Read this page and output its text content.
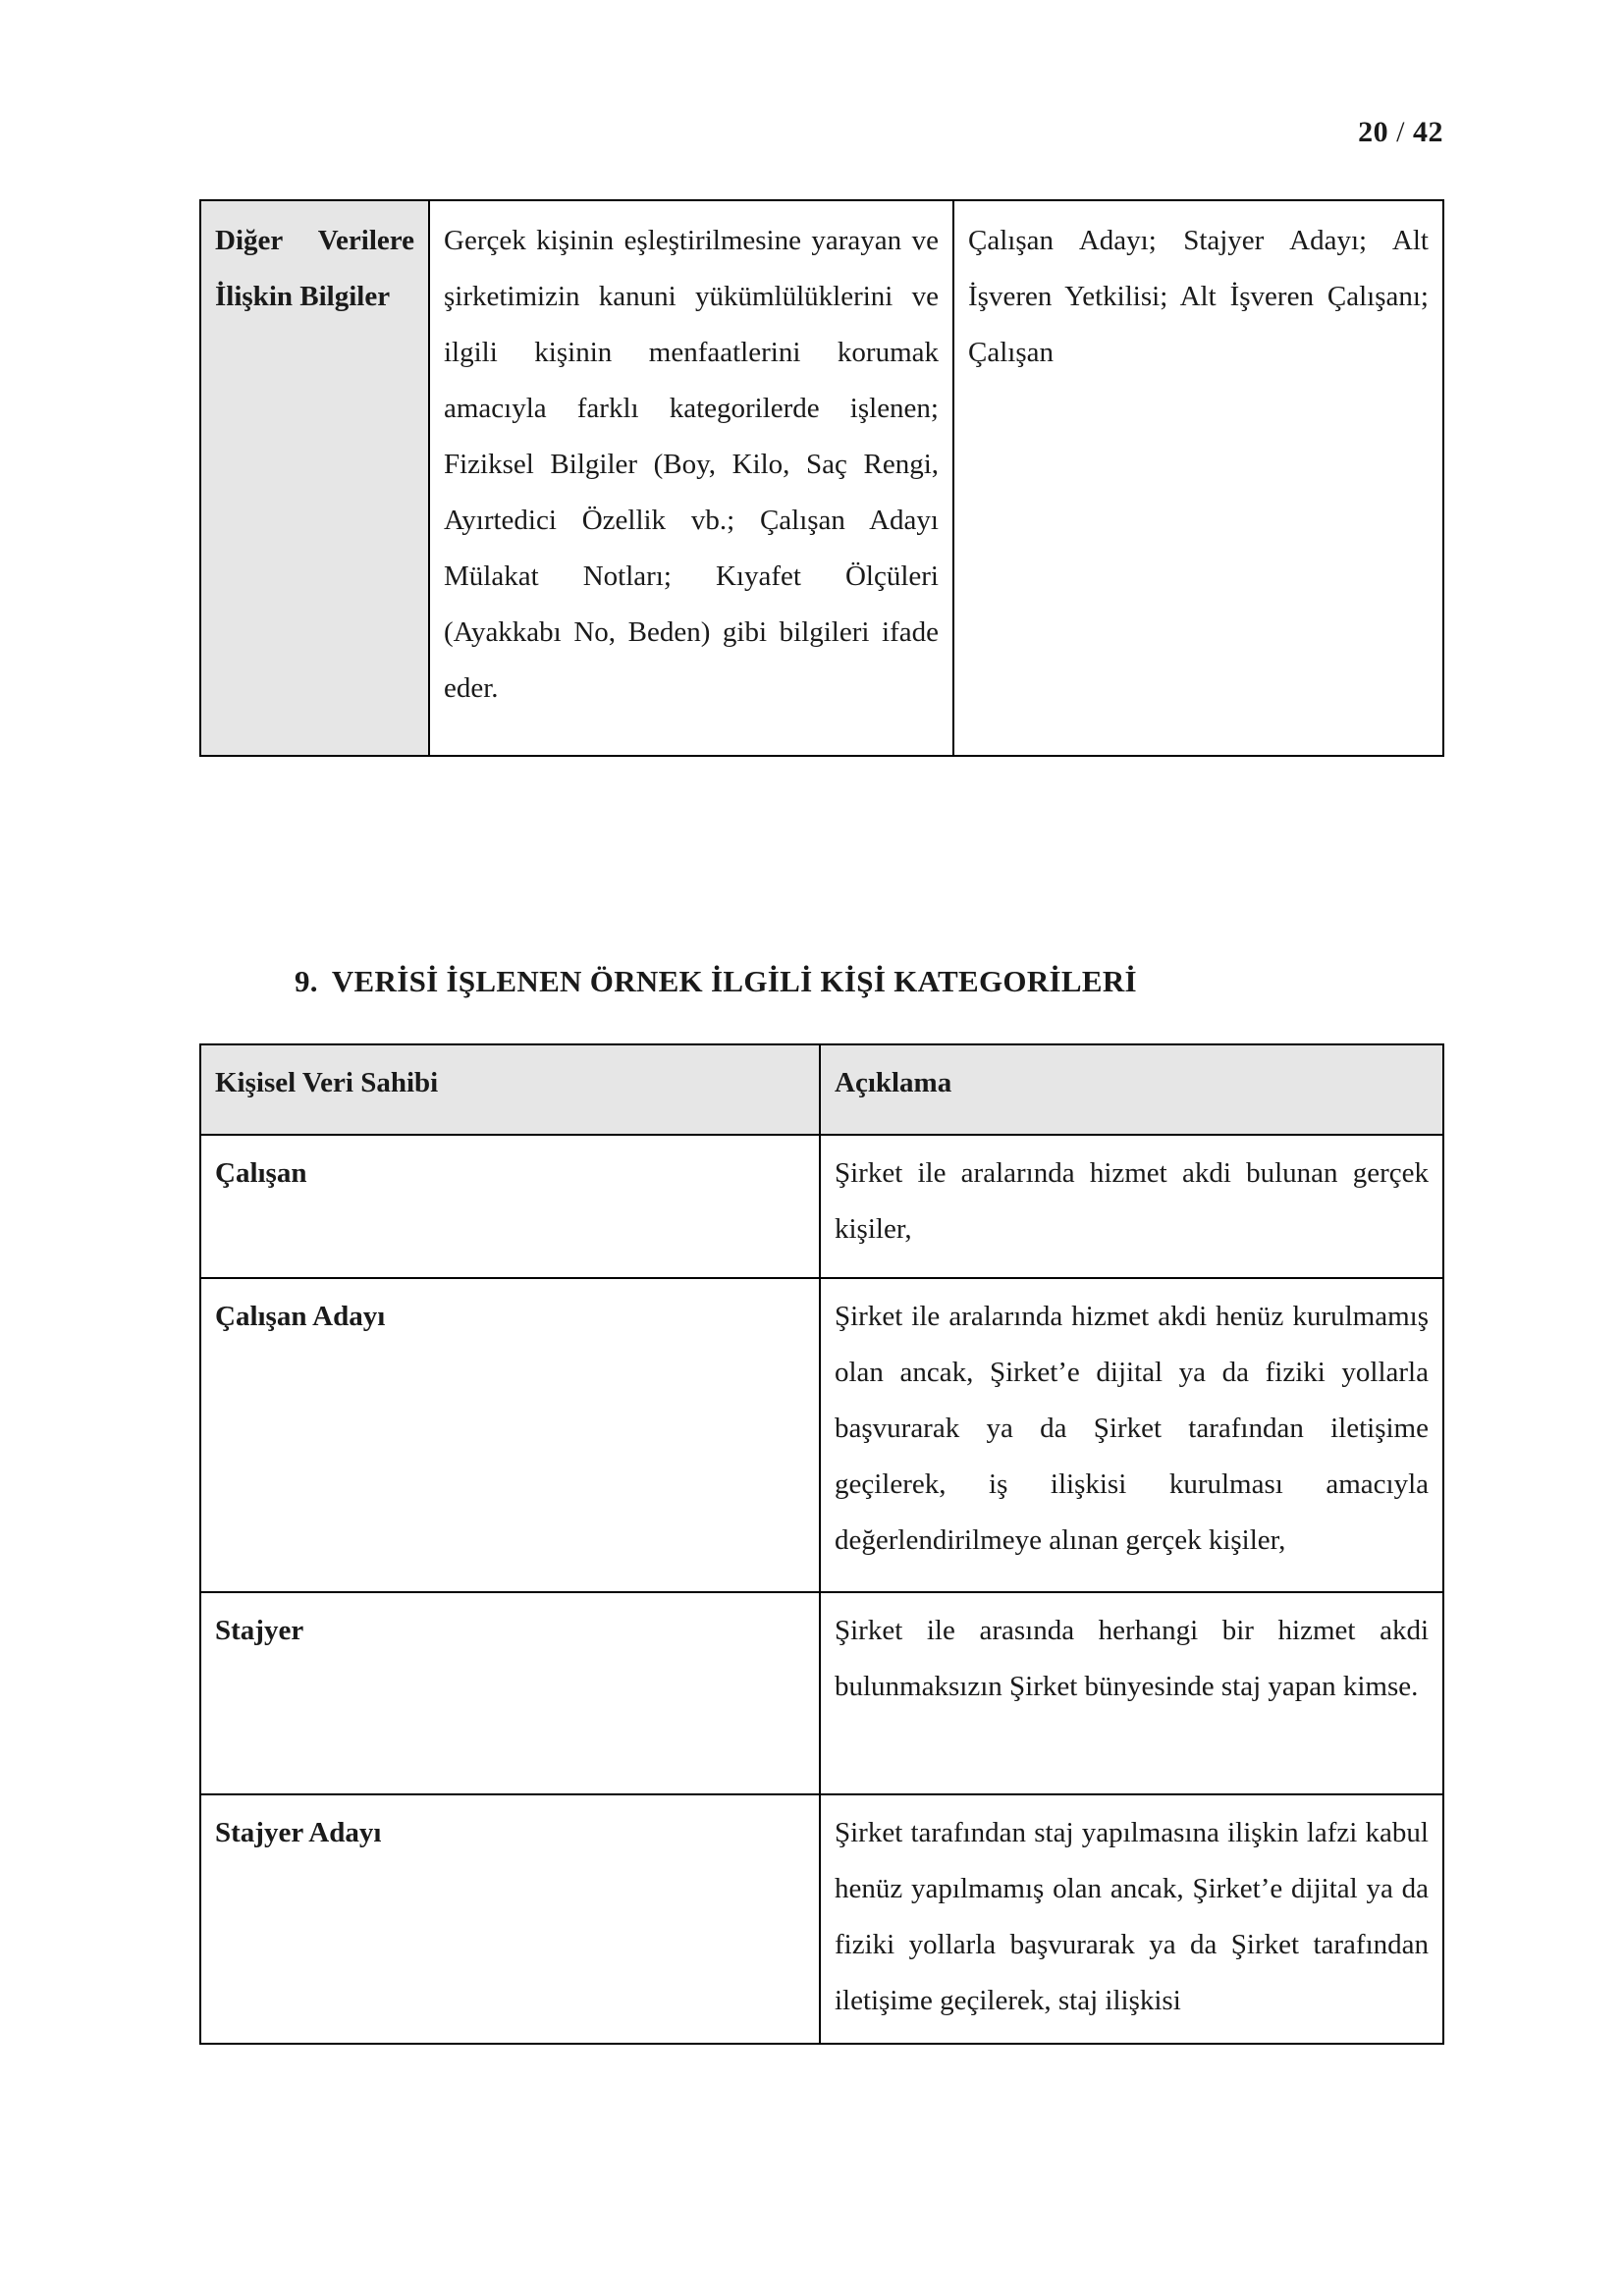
20 / 42
Diğer Verilere İlişkin Bilgiler	Gerçek kişinin eşleştirilmesine yarayan ve şirketimizin kanuni yükümlülüklerini ve ilgili kişinin menfaatlerini korumak amacıyla farklı kategorilerde işlenen; Fiziksel Bilgiler (Boy, Kilo, Saç Rengi, Ayırtedici Özellik vb.; Çalışan Adayı Mülakat Notları; Kıyafet Ölçüleri (Ayakkabı No, Beden) gibi bilgileri ifade eder.	Çalışan Adayı; Stajyer Adayı; Alt İşveren Yetkilisi; Alt İşveren Çalışanı; Çalışan
9. VERİSİ İŞLENEN ÖRNEK İLGİLİ KİŞİ KATEGORİLERİ
Kişisel Veri Sahibi	Açıklama
Çalışan	Şirket ile aralarında hizmet akdi bulunan gerçek kişiler,
Çalışan Adayı	Şirket ile aralarında hizmet akdi henüz kurulmamış olan ancak, Şirket’e dijital ya da fiziki yollarla başvurarak ya da Şirket tarafından iletişime geçilerek, iş ilişkisi kurulması amacıyla değerlendirilmeye alınan gerçek kişiler,
Stajyer	Şirket ile arasında herhangi bir hizmet akdi bulunmaksızın Şirket bünyesinde staj yapan kimse.
Stajyer Adayı	Şirket tarafından staj yapılmasına ilişkin lafzi kabul henüz yapılmamış olan ancak, Şirket’e dijital ya da fiziki yollarla başvurarak ya da Şirket tarafından iletişime geçilerek, staj ilişkisi
